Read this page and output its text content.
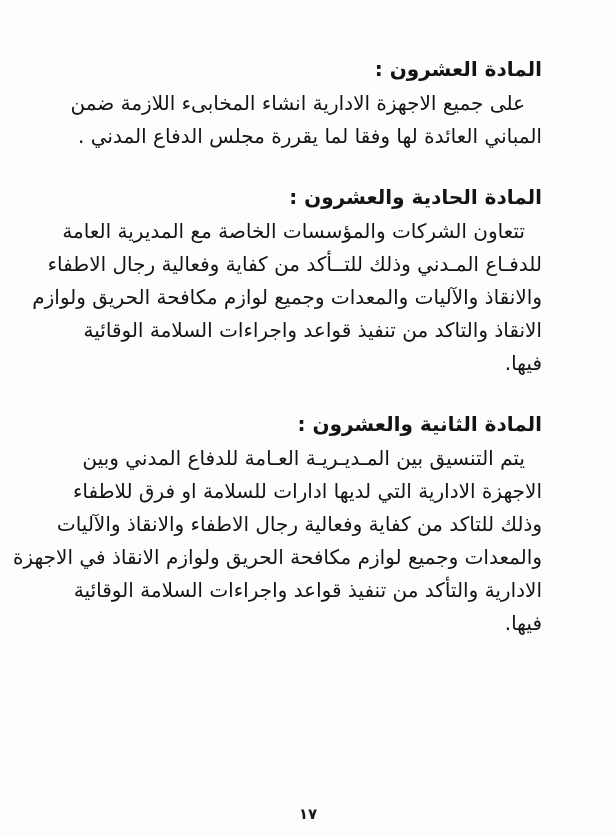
المادة العشرون :

على جميع الاجهزة الادارية انشاء المخابىء اللازمة ضمن

المباني العائدة لها وفقا لما يقررة مجلس الدفاع المدني .

المادة الحادية والعشرون :

تتعاون الشركات والمؤسسات الخاصة مع المديرية العامة

للدفـاع المـدني وذلك للتــأكد من كفاية وفعالية رجال الاطفاء

والانقاذ والآليات والمعدات وجميع لوازم مكافحة الحريق ولوازم

الانقاذ والتاكد من تنفيذ قواعد واجراءات السلامة الوقائية

فيها.

المادة الثانية والعشرون :

يتم التنسيق بين المـديـريـة العـامة للدفاع المدني وبين

الاجهزة الادارية التي لديها ادارات للسلامة او فرق للاطفاء

وذلك للتاكد من كفاية وفعالية رجال الاطفاء والانقاذ والآليات

والمعدات وجميع لوازم مكافحة الحريق ولوازم الانقاذ في الاجهزة

الادارية والتأكد من تنفيذ قواعد واجراءات السلامة الوقائية

فيها.

١٧
